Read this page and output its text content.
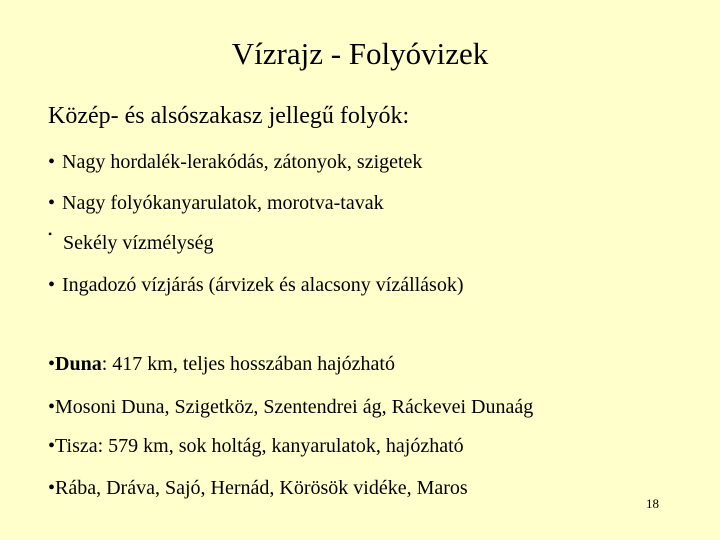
Vízrajz - Folyóvizek
Közép- és alsószakasz jellegű folyók:
• Nagy hordalék-lerakódás, zátonyok, szigetek
• Nagy folyókanyarulatok, morotva-tavak
• Sekély vízmélység
• Ingadozó vízjárás (árvizek és alacsony vízállások)
•Duna: 417 km, teljes hosszában hajózható
•Mosoni Duna, Szigetköz, Szentendrei ág, Ráckevei Dunaág
•Tisza: 579 km, sok holtág, kanyarulatok, hajózható
•Rába, Dráva, Sajó, Hernád, Körösök vidéke, Maros
18
